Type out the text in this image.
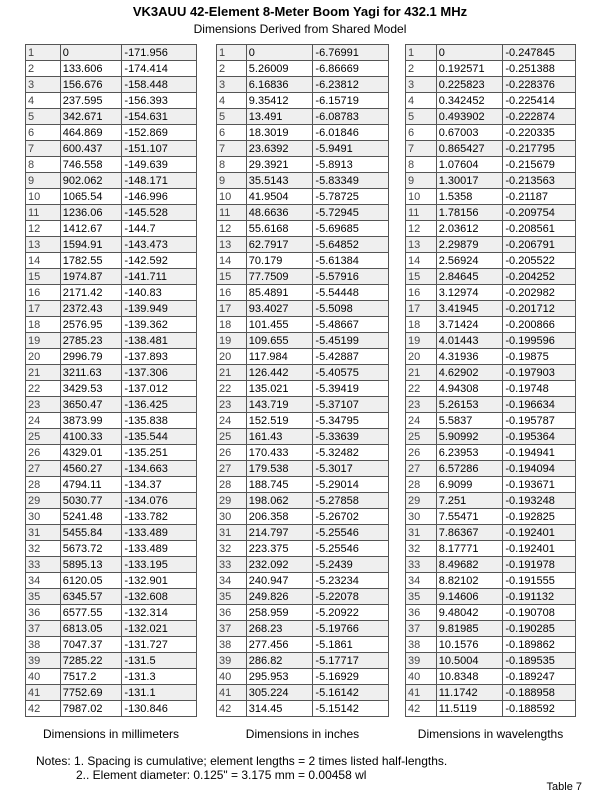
VK3AUU 42-Element 8-Meter Boom Yagi for 432.1 MHz
Dimensions Derived from Shared Model
1	0	-171.956
2	133.606	-174.414
3	156.676	-158.448
4	237.595	-156.393
5	342.671	-154.631
6	464.869	-152.869
7	600.437	-151.107
8	746.558	-149.639
9	902.062	-148.171
10	1065.54	-146.996
11	1236.06	-145.528
12	1412.67	-144.7
13	1594.91	-143.473
14	1782.55	-142.592
15	1974.87	-141.711
16	2171.42	-140.83
17	2372.43	-139.949
18	2576.95	-139.362
19	2785.23	-138.481
20	2996.79	-137.893
21	3211.63	-137.306
22	3429.53	-137.012
23	3650.47	-136.425
24	3873.99	-135.838
25	4100.33	-135.544
26	4329.01	-135.251
27	4560.27	-134.663
28	4794.11	-134.37
29	5030.77	-134.076
30	5241.48	-133.782
31	5455.84	-133.489
32	5673.72	-133.489
33	5895.13	-133.195
34	6120.05	-132.901
35	6345.57	-132.608
36	6577.55	-132.314
37	6813.05	-132.021
38	7047.37	-131.727
39	7285.22	-131.5
40	7517.2	-131.3
41	7752.69	-131.1
42	7987.02	-130.846
1	0	-6.76991
2	5.26009	-6.86669
3	6.16836	-6.23812
4	9.35412	-6.15719
5	13.491	-6.08783
6	18.3019	-6.01846
7	23.6392	-5.9491
8	29.3921	-5.8913
9	35.5143	-5.83349
10	41.9504	-5.78725
11	48.6636	-5.72945
12	55.6168	-5.69685
13	62.7917	-5.64852
14	70.179	-5.61384
15	77.7509	-5.57916
16	85.4891	-5.54448
17	93.4027	-5.5098
18	101.455	-5.48667
19	109.655	-5.45199
20	117.984	-5.42887
21	126.442	-5.40575
22	135.021	-5.39419
23	143.719	-5.37107
24	152.519	-5.34795
25	161.43	-5.33639
26	170.433	-5.32482
27	179.538	-5.3017
28	188.745	-5.29014
29	198.062	-5.27858
30	206.358	-5.26702
31	214.797	-5.25546
32	223.375	-5.25546
33	232.092	-5.2439
34	240.947	-5.23234
35	249.826	-5.22078
36	258.959	-5.20922
37	268.23	-5.19766
38	277.456	-5.1861
39	286.82	-5.17717
40	295.953	-5.16929
41	305.224	-5.16142
42	314.45	-5.15142
1	0	-0.247845
2	0.192571	-0.251388
3	0.225823	-0.228376
4	0.342452	-0.225414
5	0.493902	-0.222874
6	0.67003	-0.220335
7	0.865427	-0.217795
8	1.07604	-0.215679
9	1.30017	-0.213563
10	1.5358	-0.21187
11	1.78156	-0.209754
12	2.03612	-0.208561
13	2.29879	-0.206791
14	2.56924	-0.205522
15	2.84645	-0.204252
16	3.12974	-0.202982
17	3.41945	-0.201712
18	3.71424	-0.200866
19	4.01443	-0.199596
20	4.31936	-0.19875
21	4.62902	-0.197903
22	4.94308	-0.19748
23	5.26153	-0.196634
24	5.5837	-0.195787
25	5.90992	-0.195364
26	6.23953	-0.194941
27	6.57286	-0.194094
28	6.9099	-0.193671
29	7.251	-0.193248
30	7.55471	-0.192825
31	7.86367	-0.192401
32	8.17771	-0.192401
33	8.49682	-0.191978
34	8.82102	-0.191555
35	9.14606	-0.191132
36	9.48042	-0.190708
37	9.81985	-0.190285
38	10.1576	-0.189862
39	10.5004	-0.189535
40	10.8348	-0.189247
41	11.1742	-0.188958
42	11.5119	-0.188592
Dimensions in millimeters	Dimensions in inches	Dimensions in wavelengths
Notes: 1. Spacing is cumulative; element lengths = 2 times listed half-lengths.
2.. Element diameter: 0.125" = 3.175 mm = 0.00458 wl
Table 7
